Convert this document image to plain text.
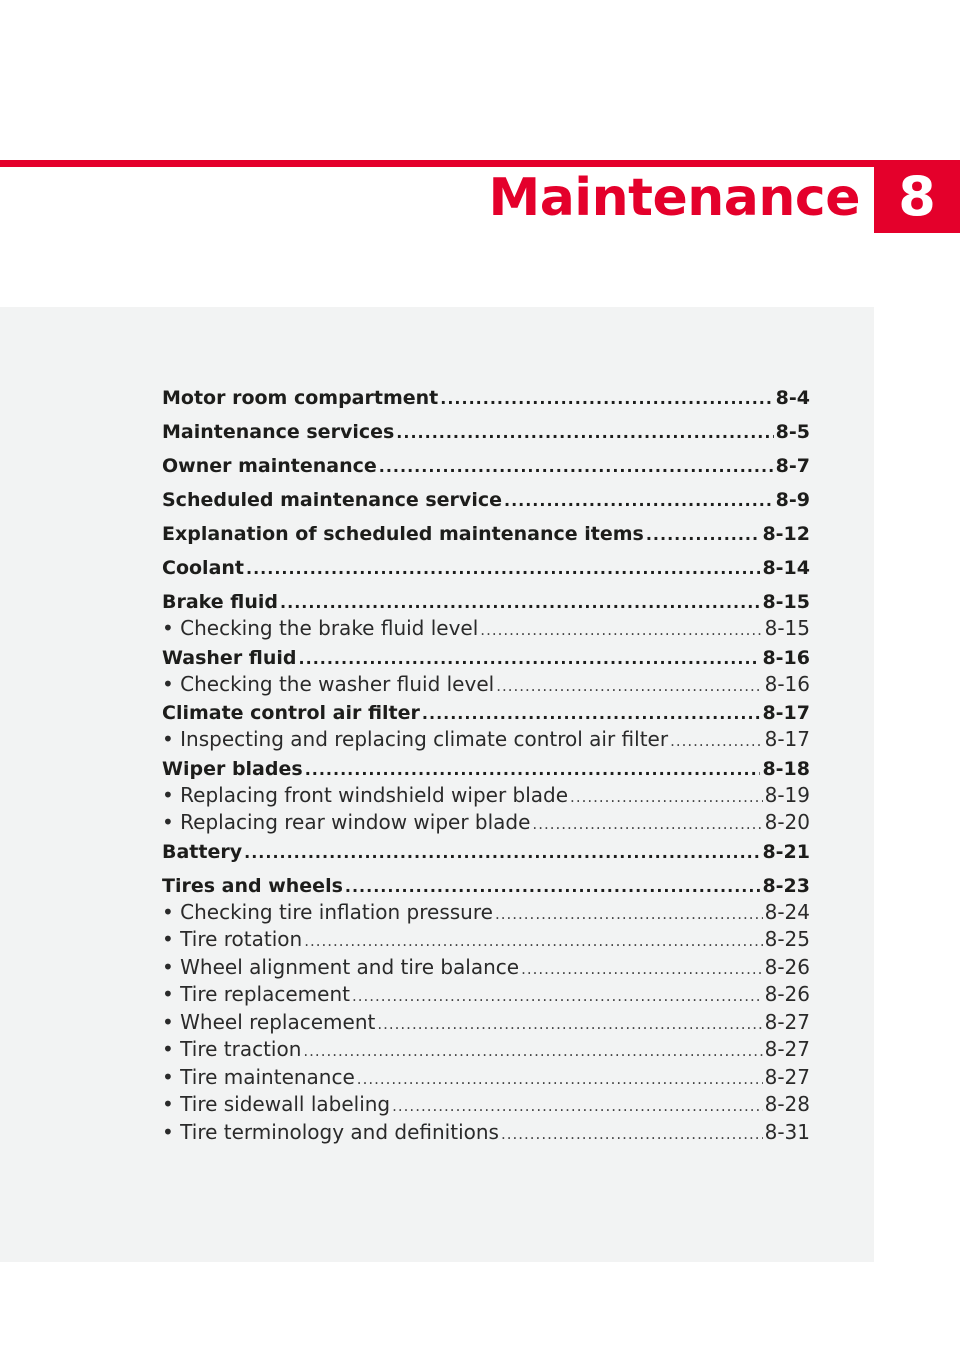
Maintenance 8
Motor room compartment .....	8-4
Maintenance services .....	8-5
Owner maintenance .....	8-7
Scheduled maintenance service .....	8-9
Explanation of scheduled maintenance items .....	8-12
Coolant .....	8-14
Brake fluid .....	8-15
• Checking the brake fluid level .....	8-15
Washer fluid .....	8-16
• Checking the washer fluid level .....	8-16
Climate control air filter .....	8-17
• Inspecting and replacing climate control air filter .....	8-17
Wiper blades .....	8-18
• Replacing front windshield wiper blade .....	8-19
• Replacing rear window wiper blade .....	8-20
Battery .....	8-21
Tires and wheels .....	8-23
• Checking tire inflation pressure .....	8-24
• Tire rotation .....	8-25
• Wheel alignment and tire balance .....	8-26
• Tire replacement .....	8-26
• Wheel replacement .....	8-27
• Tire traction .....	8-27
• Tire maintenance .....	8-27
• Tire sidewall labeling .....	8-28
• Tire terminology and definitions .....	8-31
